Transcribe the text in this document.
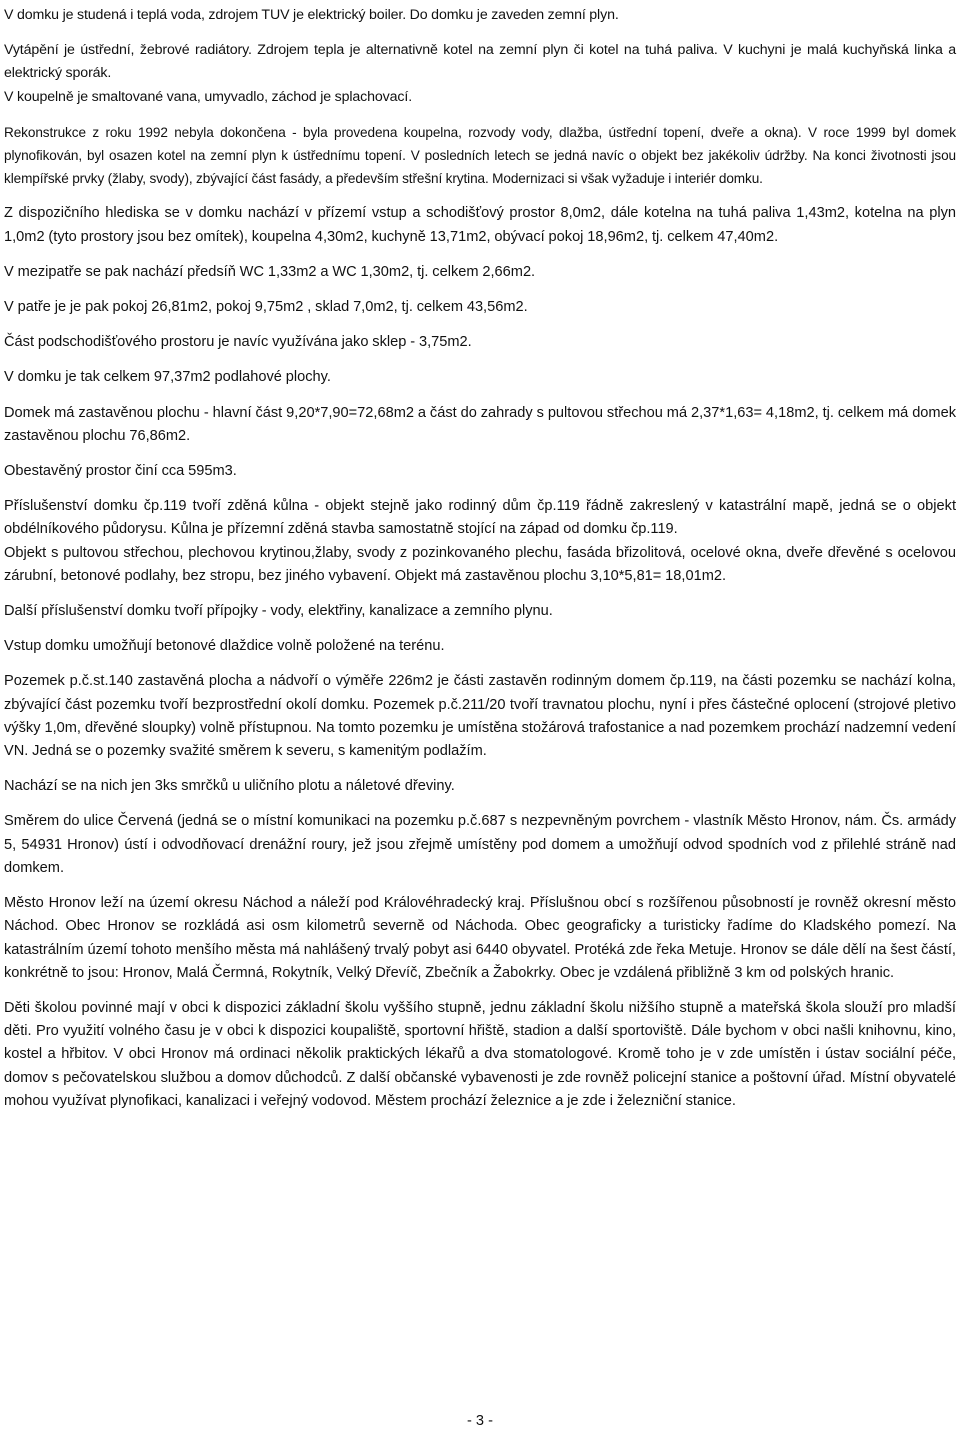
V domku je studená i teplá voda, zdrojem TUV je elektrický boiler. Do domku je zaveden zemní plyn.

Vytápění je ústřední, žebrové radiátory. Zdrojem tepla je alternativně kotel na zemní plyn či kotel na tuhá paliva. V kuchyni je malá kuchyňská linka a elektrický sporák.

V koupelně je smaltované vana, umyvadlo, záchod je splachovací.

Rekonstrukce z roku 1992 nebyla dokončena - byla provedena koupelna, rozvody vody, dlažba, ústřední topení, dveře a okna). V roce 1999 byl domek plynofikován, byl osazen kotel na zemní plyn k ústřednímu topení. V posledních letech se jedná navíc o objekt bez jakékoliv údržby. Na konci životnosti jsou klempířské prvky (žlaby, svody), zbývající část fasády, a především střešní krytina. Modernizaci si však vyžaduje i interiér domku.

Z dispozičního hlediska se v domku nachází v přízemí vstup a schodišťový prostor 8,0m2, dále kotelna na tuhá paliva 1,43m2, kotelna na plyn 1,0m2 (tyto prostory jsou bez omítek), koupelna 4,30m2, kuchyně 13,71m2, obývací pokoj 18,96m2, tj. celkem 47,40m2.

V mezipatře se pak nachází předsíň WC 1,33m2 a WC 1,30m2, tj. celkem 2,66m2.

V patře je je pak pokoj 26,81m2, pokoj 9,75m2 , sklad 7,0m2, tj. celkem 43,56m2.

Část podschodišťového prostoru je navíc využívána jako sklep - 3,75m2.

V domku je tak celkem 97,37m2 podlahové plochy.

Domek má zastavěnou plochu - hlavní část 9,20*7,90=72,68m2 a část do zahrady s pultovou střechou má 2,37*1,63= 4,18m2, tj. celkem má domek zastavěnou plochu 76,86m2.

Obestavěný prostor činí cca 595m3.

Příslušenství domku čp.119 tvoří zděná kůlna - objekt stejně jako rodinný dům čp.119 řádně zakreslený v katastrální mapě, jedná se o objekt obdélníkového půdorysu. Kůlna je přízemní zděná stavba samostatně stojící na západ od domku čp.119.

Objekt s pultovou střechou, plechovou krytinou,žlaby, svody z pozinkovaného plechu, fasáda břizolitová, ocelové okna, dveře dřevěné s ocelovou zárubní, betonové podlahy, bez stropu, bez jiného vybavení. Objekt má zastavěnou plochu 3,10*5,81= 18,01m2.

Další příslušenství domku tvoří přípojky - vody, elektřiny, kanalizace a zemního plynu.

Vstup domku umožňují betonové dlaždice volně položené na terénu.

Pozemek p.č.st.140 zastavěná plocha a nádvoří o výměře 226m2 je části zastavěn rodinným domem čp.119, na části pozemku se nachází kolna, zbývající část pozemku tvoří bezprostřední okolí domku. Pozemek p.č.211/20 tvoří travnatou plochu, nyní i přes částečné oplocení (strojové pletivo výšky 1,0m, dřevěné sloupky) volně přístupnou. Na tomto pozemku je umístěna stožárová trafostanice a nad pozemkem prochází nadzemní vedení VN. Jedná se o pozemky svažité směrem k severu, s kamenitým podlažím.

Nachází se na nich jen 3ks smrčků u uličního plotu a náletové dřeviny.

Směrem do ulice Červená (jedná se o místní komunikaci na pozemku p.č.687 s nezpevněným povrchem - vlastník Město Hronov, nám. Čs. armády 5, 54931 Hronov) ústí i odvodňovací drenážní roury, jež jsou zřejmě umístěny pod domem a umožňují odvod spodních vod z přilehlé stráně nad domkem.

Město Hronov leží na území okresu Náchod a náleží pod Královéhradecký kraj. Příslušnou obcí s rozšířenou působností je rovněž okresní město Náchod. Obec Hronov se rozkládá asi osm kilometrů severně od Náchoda. Obec geograficky a turisticky řadíme do Kladského pomezí. Na katastrálním území tohoto menšího města má nahlášený trvalý pobyt asi 6440 obyvatel. Protéká zde řeka Metuje. Hronov se dále dělí na šest částí, konkrétně to jsou: Hronov, Malá Čermná, Rokytník, Velký Dřevíč, Zbečník a Žabokrky. Obec je vzdálená přibližně 3 km od polských hranic.

Děti školou povinné mají v obci k dispozici základní školu vyššího stupně, jednu základní školu nižšího stupně a mateřská škola slouží pro mladší děti. Pro využití volného času je v obci k dispozici koupaliště, sportovní hřiště, stadion a další sportoviště. Dále bychom v obci našli knihovnu, kino, kostel a hřbitov. V obci Hronov má ordinaci několik praktických lékařů a dva stomatologové. Kromě toho je v zde umístěn i ústav sociální péče, domov s pečovatelskou službou a domov důchodců. Z další občanské vybavenosti je zde rovněž policejní stanice a poštovní úřad. Místní obyvatelé mohou využívat plynofikaci, kanalizaci i veřejný vodovod. Městem prochází železnice a je zde i železniční stanice.

- 3 -
